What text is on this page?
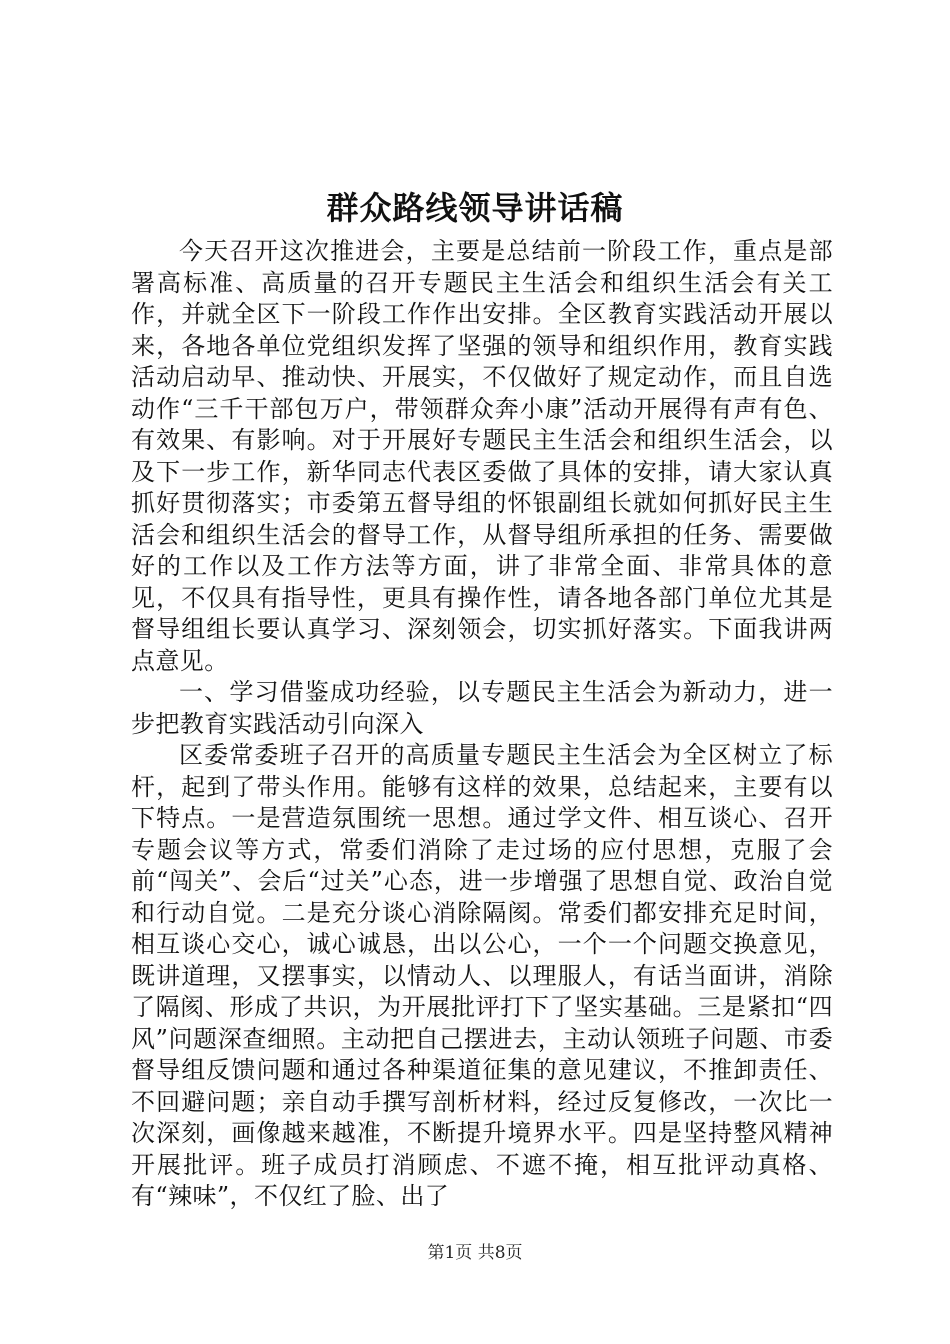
群众路线领导讲话稿

今天召开这次推进会，主要是总结前一阶段工作，重点是部署高标准、高质量的召开专题民主生活会和组织生活会有关工作，并就全区下一阶段工作作出安排。全区教育实践活动开展以来，各地各单位党组织发挥了坚强的领导和组织作用，教育实践活动启动早、推动快、开展实，不仅做好了规定动作，而且自选动作“三千干部包万户，带领群众奔小康”活动开展得有声有色、有效果、有影响。对于开展好专题民主生活会和组织生活会，以及下一步工作，新华同志代表区委做了具体的安排，请大家认真抓好贯彻落实；市委第五督导组的怀银副组长就如何抓好民主生活会和组织生活会的督导工作，从督导组所承担的任务、需要做好的工作以及工作方法等方面，讲了非常全面、非常具体的意见，不仅具有指导性，更具有操作性，请各地各部门单位尤其是督导组组长要认真学习、深刻领会，切实抓好落实。下面我讲两点意见。

一、学习借鉴成功经验，以专题民主生活会为新动力，进一步把教育实践活动引向深入

区委常委班子召开的高质量专题民主生活会为全区树立了标杆，起到了带头作用。能够有这样的效果，总结起来，主要有以下特点。一是营造氛围统一思想。通过学文件、相互谈心、召开专题会议等方式，常委们消除了走过场的应付思想，克服了会前“闯关”、会后“过关”心态，进一步增强了思想自觉、政治自觉和行动自觉。二是充分谈心消除隔阂。常委们都安排充足时间，相互谈心交心，诚心诚恳，出以公心，一个一个问题交换意见，既讲道理，又摆事实，以情动人、以理服人，有话当面讲，消除了隔阂、形成了共识，为开展批评打下了坚实基础。三是紧扣“四风”问题深查细照。主动把自己摆进去，主动认领班子问题、市委督导组反馈问题和通过各种渠道征集的意见建议，不推卸责任、不回避问题；亲自动手撰写剖析材料，经过反复修改，一次比一次深刻，画像越来越准，不断提升境界水平。四是坚持整风精神开展批评。班子成员打消顾虑、不遮不掩，相互批评动真格、有“辣味”，不仅红了脸、出了

第1页 共8页
